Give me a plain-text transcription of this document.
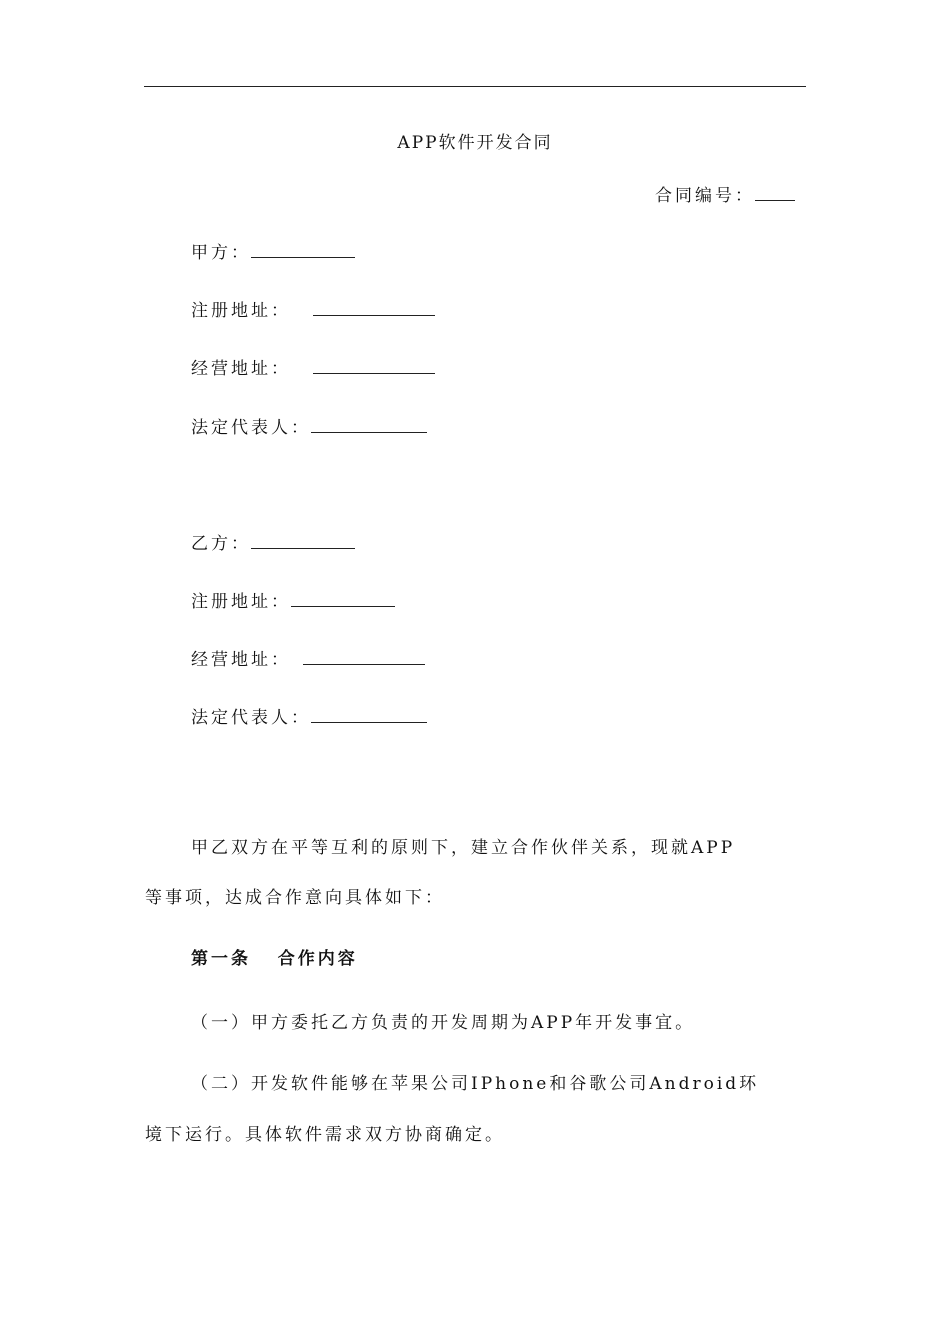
APP软件开发合同
合同编号：
甲方：
注册地址：
经营地址：
法定代表人：
乙方：
注册地址：
经营地址：
法定代表人：
甲乙双方在平等互利的原则下，建立合作伙伴关系，现就APP
等事项，达成合作意向具体如下：
第一条   合作内容
（一）甲方委托乙方负责的开发周期为APP年开发事宜。
（二）开发软件能够在苹果公司IPhone和谷歌公司Android环
境下运行。具体软件需求双方协商确定。
